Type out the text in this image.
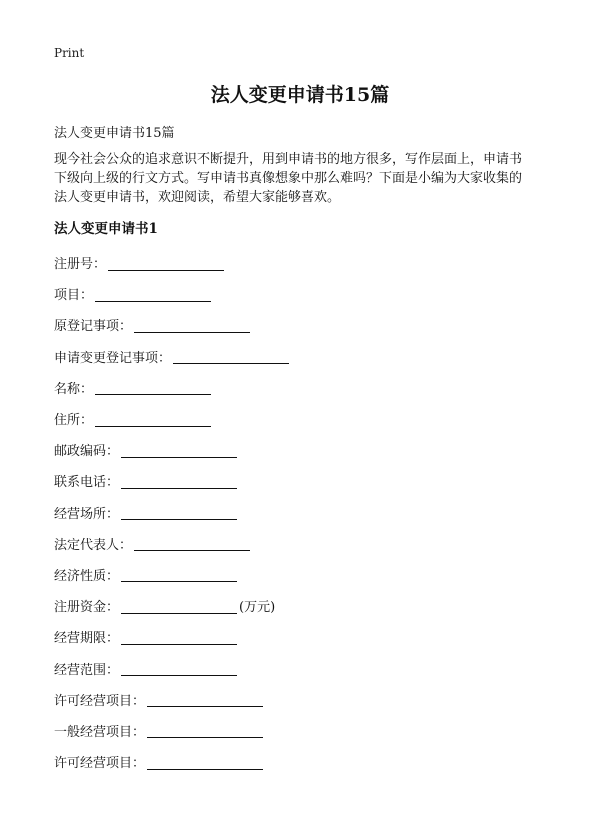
Print
法人变更申请书15篇
法人变更申请书15篇

现今社会公众的追求意识不断提升，用到申请书的地方很多，写作层面上，申请书
下级向上级的行文方式。写申请书真像想象中那么难吗？下面是小编为大家收集的
法人变更申请书，欢迎阅读，希望大家能够喜欢。

法人变更申请书1
注册号：
项目：
原登记事项：
申请变更登记事项：
名称：
住所：
邮政编码：
联系电话：
经营场所：
法定代表人：
经济性质：
注册资金：	(万元)
经营期限：
经营范围：
许可经营项目：
一般经营项目：
许可经营项目：
